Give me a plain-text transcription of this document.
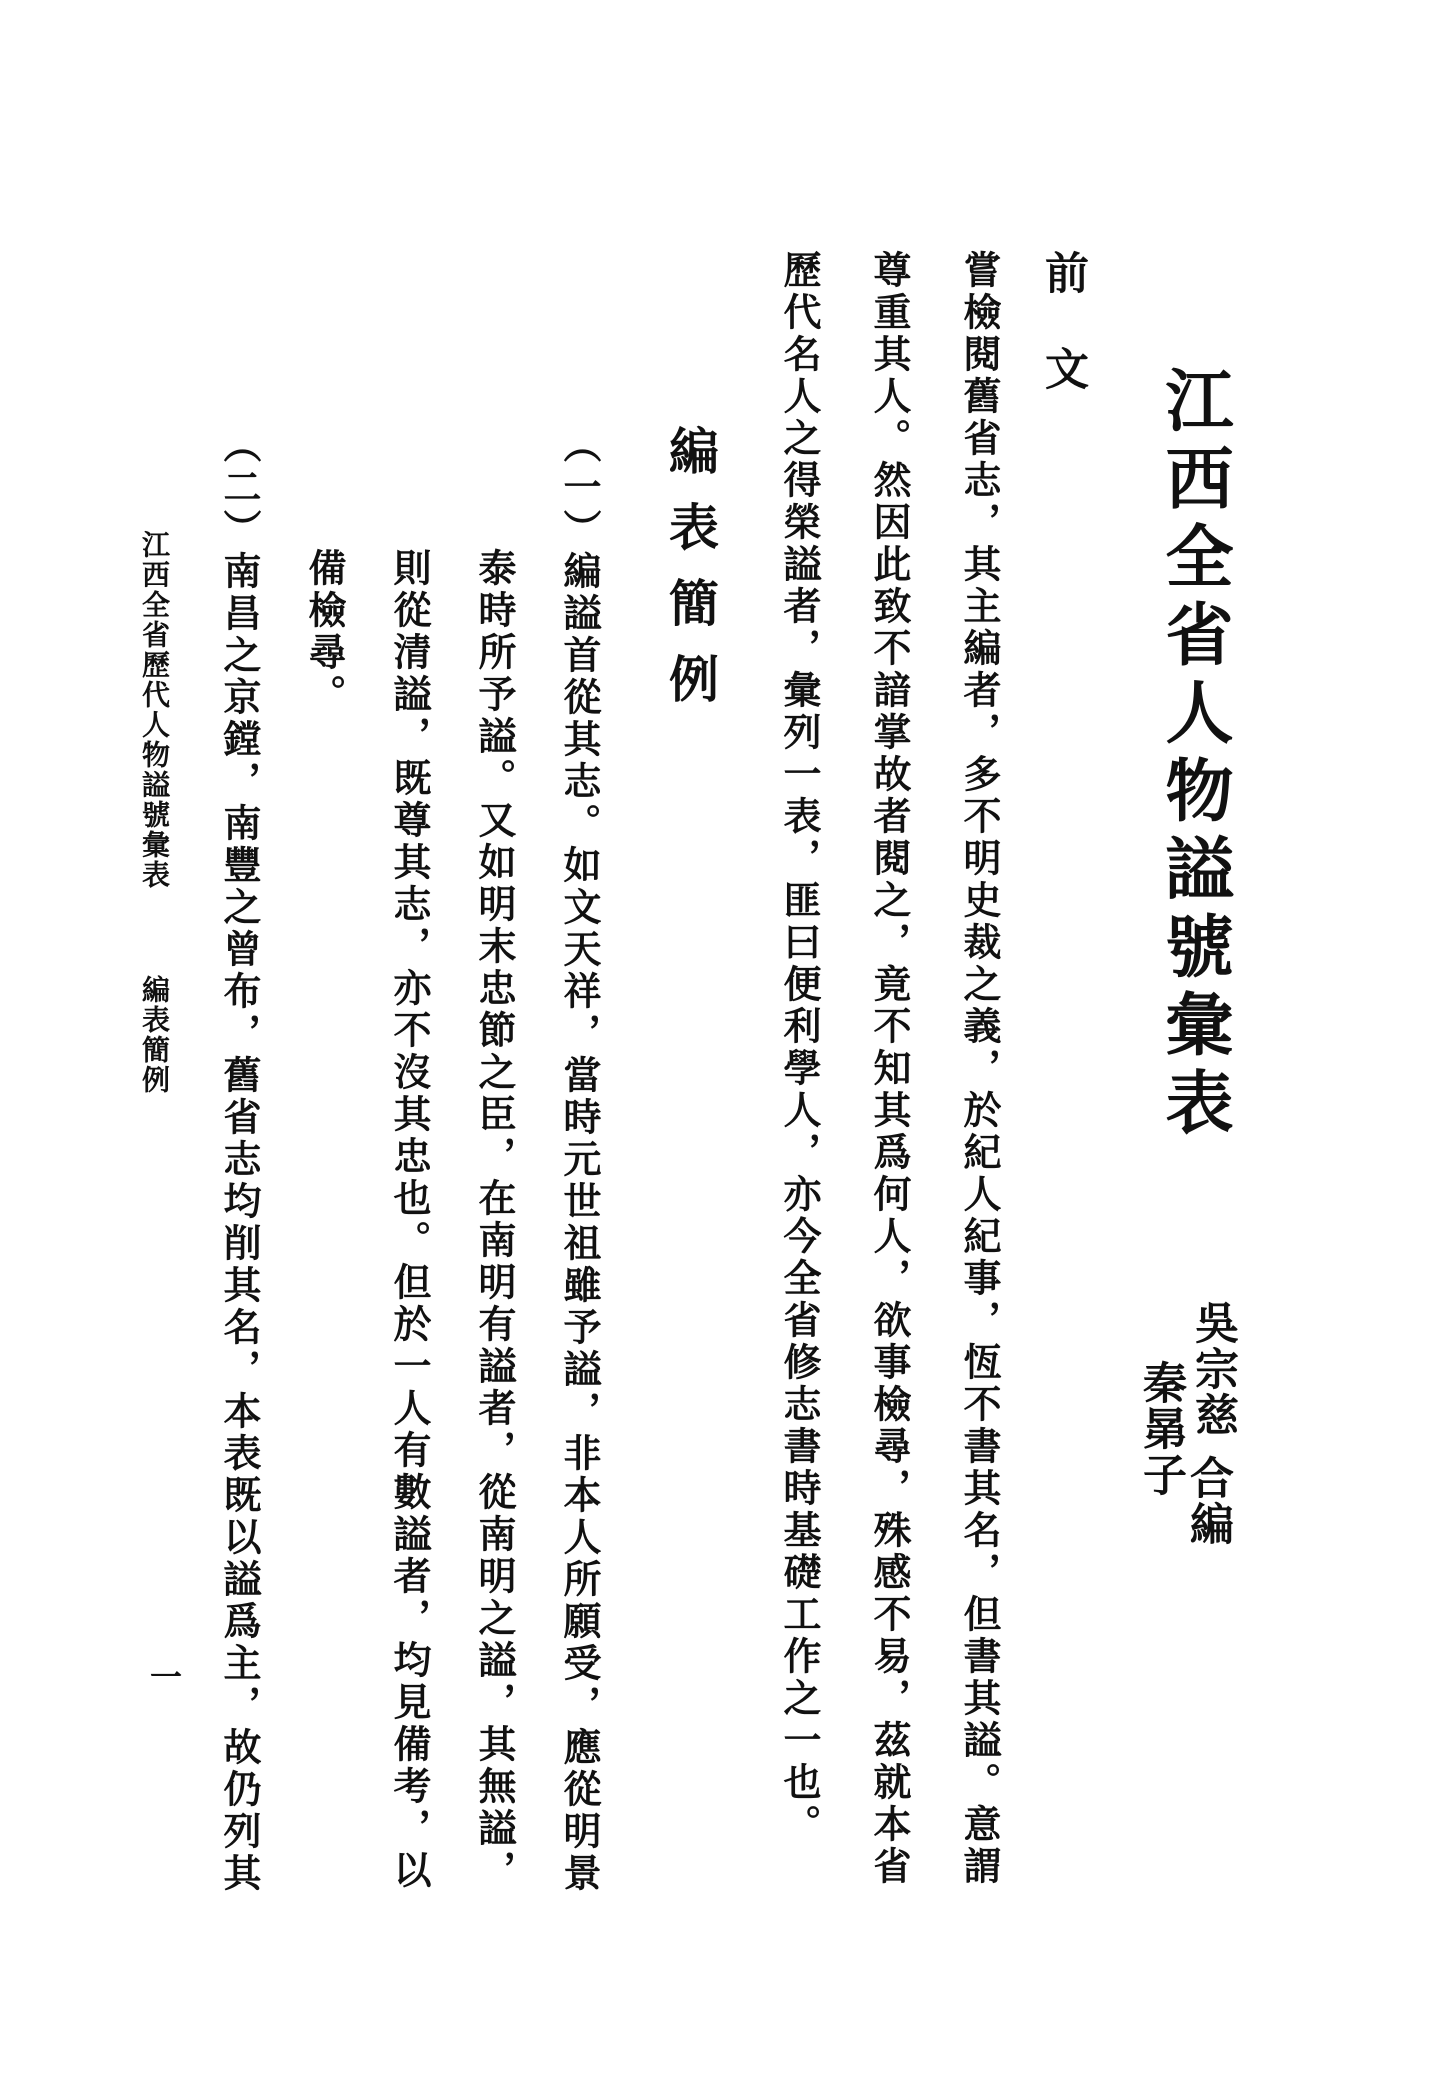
江西全省人物謚號彙表
吳宗慈
秦晜子
合編
前　文
嘗檢閱舊省志，其主編者，多不明史裁之義，於紀人紀事，恆不書其名，但書其謚。意謂
尊重其人。然因此致不諳掌故者閱之，竟不知其爲何人，欲事檢尋，殊感不易，茲就本省
歷代名人之得榮謚者，彙列一表，匪曰便利學人，亦今全省修志書時基礎工作之一也。
編表簡例
（一）編謚首從其志。如文天祥，當時元世祖雖予謚，非本人所願受，應從明景
泰時所予謚。又如明末忠節之臣，在南明有謚者，從南明之謚，其無謚，
則從清謚，既尊其志，亦不沒其忠也。但於一人有數謚者，均見備考，以
備檢尋。
（二）南昌之京鏜，南豐之曾布，舊省志均削其名，本表既以謚爲主，故仍列其
江西全省歷代人物謚號彙表
編表簡例
一
